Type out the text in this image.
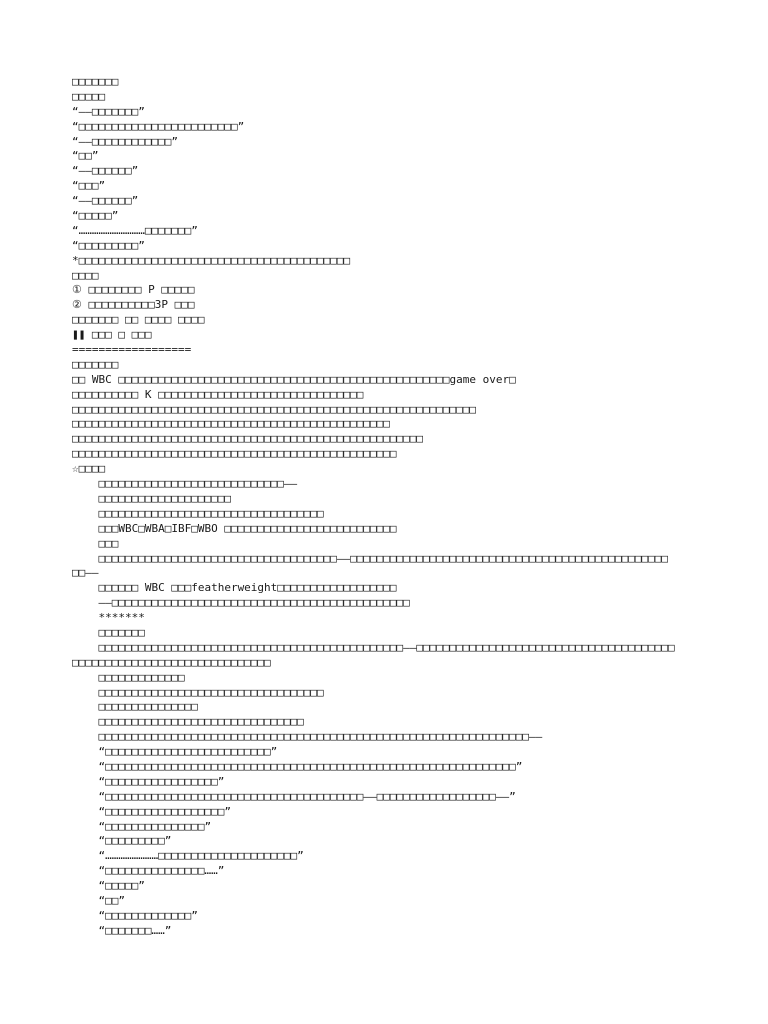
□□□□□□□
□□□□□
“——□□□□□□□”
“□□□□□□□□□□□□□□□□□□□□□□□□”
“——□□□□□□□□□□□□”
“□□”
“——□□□□□□”
“□□□”
“——□□□□□□”
“□□□□□”
“…………………………□□□□□□□”
“□□□□□□□□□”
*□□□□□□□□□□□□□□□□□□□□□□□□□□□□□□□□□□□□□□□□□
□□□□
① □□□□□□□□ P □□□□□
② □□□□□□□□□□3P □□□
□□□□□□□ □□ □□□□ □□□□
❚❚ □□□ □ □□□
==================
□□□□□□□
□□ WBC □□□□□□□□□□□□□□□□□□□□□□□□□□□□□□□□□□□□□□□□□□□□□□□□□□game over□
□□□□□□□□□□ K □□□□□□□□□□□□□□□□□□□□□□□□□□□□□□□
□□□□□□□□□□□□□□□□□□□□□□□□□□□□□□□□□□□□□□□□□□□□□□□□□□□□□□□□□□□□□
□□□□□□□□□□□□□□□□□□□□□□□□□□□□□□□□□□□□□□□□□□□□□□□□
□□□□□□□□□□□□□□□□□□□□□□□□□□□□□□□□□□□□□□□□□□□□□□□□□□□□□
□□□□□□□□□□□□□□□□□□□□□□□□□□□□□□□□□□□□□□□□□□□□□□□□□
☆□□□□
□□□□□□□□□□□□□□□□□□□□□□□□□□□□——
□□□□□□□□□□□□□□□□□□□□
□□□□□□□□□□□□□□□□□□□□□□□□□□□□□□□□□□
□□□WBC□WBA□IBF□WBO □□□□□□□□□□□□□□□□□□□□□□□□□□
□□□
□□□□□□□□□□□□□□□□□□□□□□□□□□□□□□□□□□□□——□□□□□□□□□□□□□□□□□□□□□□□□□□□□□□□□□□□□□□□□□□□□□□□□
□□——
□□□□□□ WBC □□□featherweight□□□□□□□□□□□□□□□□□□
——□□□□□□□□□□□□□□□□□□□□□□□□□□□□□□□□□□□□□□□□□□□□□
*******
□□□□□□□
□□□□□□□□□□□□□□□□□□□□□□□□□□□□□□□□□□□□□□□□□□□□□□——□□□□□□□□□□□□□□□□□□□□□□□□□□□□□□□□□□□□□□□
□□□□□□□□□□□□□□□□□□□□□□□□□□□□□□
□□□□□□□□□□□□□
□□□□□□□□□□□□□□□□□□□□□□□□□□□□□□□□□□
□□□□□□□□□□□□□□□
□□□□□□□□□□□□□□□□□□□□□□□□□□□□□□□
□□□□□□□□□□□□□□□□□□□□□□□□□□□□□□□□□□□□□□□□□□□□□□□□□□□□□□□□□□□□□□□□□——
“□□□□□□□□□□□□□□□□□□□□□□□□□”
“□□□□□□□□□□□□□□□□□□□□□□□□□□□□□□□□□□□□□□□□□□□□□□□□□□□□□□□□□□□□□□”
“□□□□□□□□□□□□□□□□□”
“□□□□□□□□□□□□□□□□□□□□□□□□□□□□□□□□□□□□□□□——□□□□□□□□□□□□□□□□□□——”
“□□□□□□□□□□□□□□□□□□”
“□□□□□□□□□□□□□□□”
“□□□□□□□□□”
“……………………□□□□□□□□□□□□□□□□□□□□□”
“□□□□□□□□□□□□□□□……”
“□□□□□”
“□□”
“□□□□□□□□□□□□□”
“□□□□□□□……”
